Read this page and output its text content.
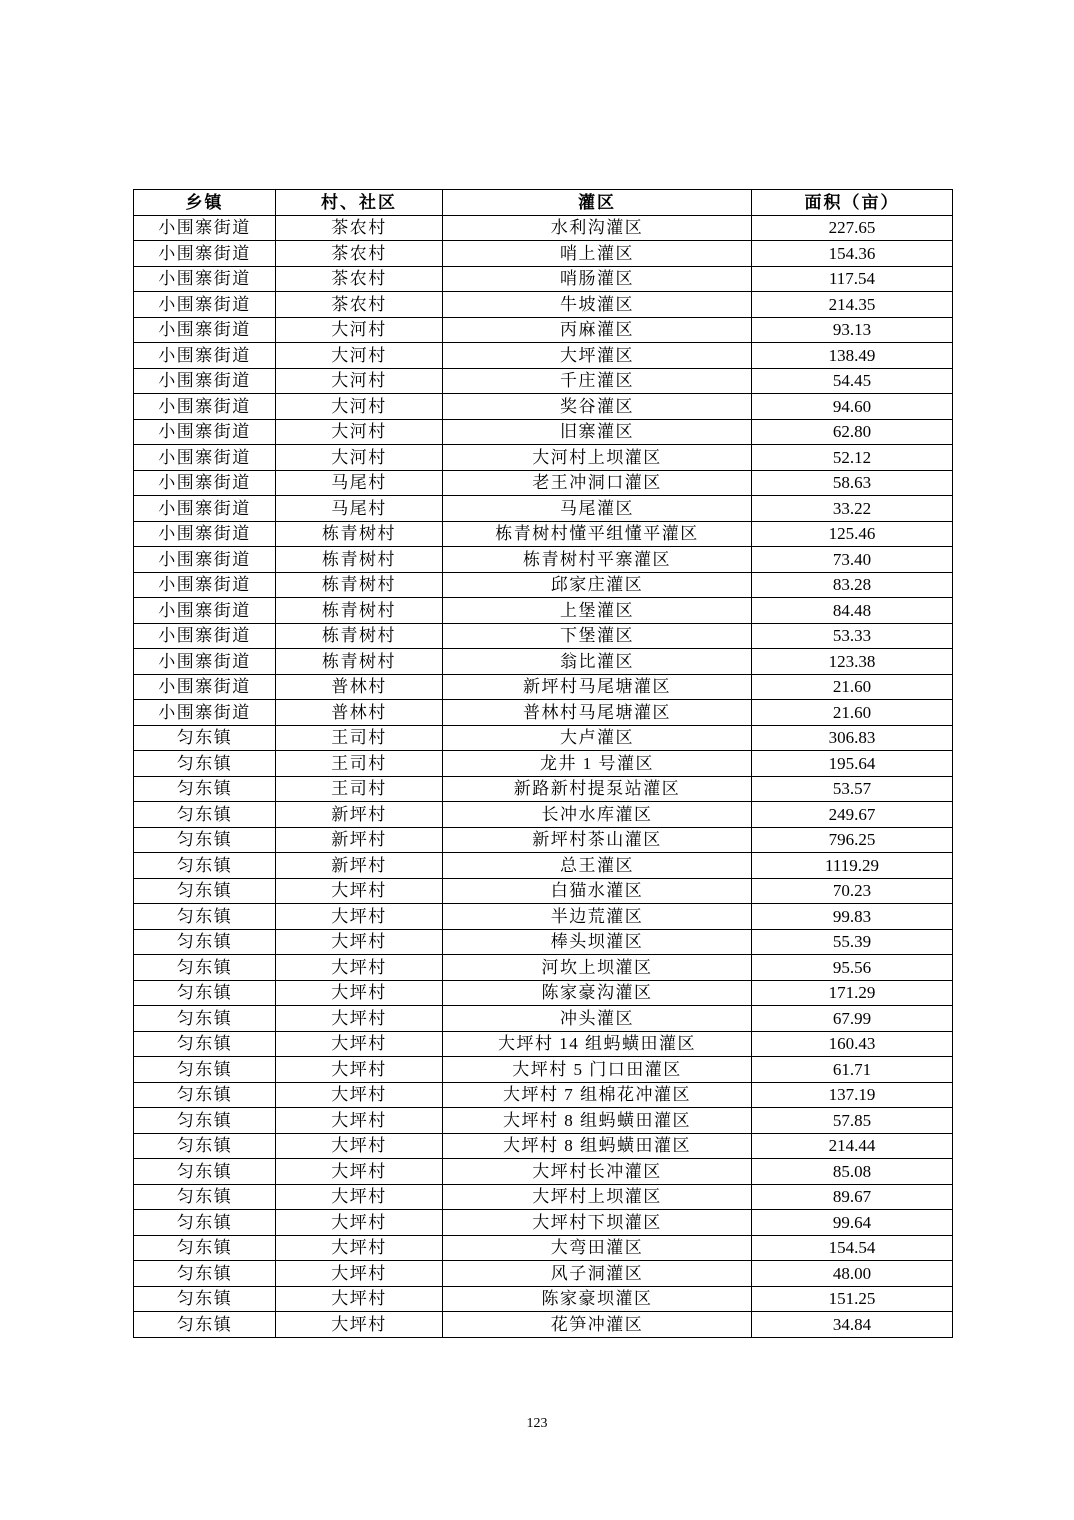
乡镇	村、社区	灌区	面积（亩）
小围寨街道	茶农村	水利沟灌区	227.65
小围寨街道	茶农村	哨上灌区	154.36
小围寨街道	茶农村	哨肠灌区	117.54
小围寨街道	茶农村	牛坡灌区	214.35
小围寨街道	大河村	丙麻灌区	93.13
小围寨街道	大河村	大坪灌区	138.49
小围寨街道	大河村	千庄灌区	54.45
小围寨街道	大河村	奖谷灌区	94.60
小围寨街道	大河村	旧寨灌区	62.80
小围寨街道	大河村	大河村上坝灌区	52.12
小围寨街道	马尾村	老王冲洞口灌区	58.63
小围寨街道	马尾村	马尾灌区	33.22
小围寨街道	栋青树村	栋青树村懂平组懂平灌区	125.46
小围寨街道	栋青树村	栋青树村平寨灌区	73.40
小围寨街道	栋青树村	邱家庄灌区	83.28
小围寨街道	栋青树村	上堡灌区	84.48
小围寨街道	栋青树村	下堡灌区	53.33
小围寨街道	栋青树村	翁比灌区	123.38
小围寨街道	普林村	新坪村马尾塘灌区	21.60
小围寨街道	普林村	普林村马尾塘灌区	21.60
匀东镇	王司村	大卢灌区	306.83
匀东镇	王司村	龙井 1 号灌区	195.64
匀东镇	王司村	新路新村提泵站灌区	53.57
匀东镇	新坪村	长冲水库灌区	249.67
匀东镇	新坪村	新坪村茶山灌区	796.25
匀东镇	新坪村	总王灌区	1119.29
匀东镇	大坪村	白猫水灌区	70.23
匀东镇	大坪村	半边荒灌区	99.83
匀东镇	大坪村	棒头坝灌区	55.39
匀东镇	大坪村	河坎上坝灌区	95.56
匀东镇	大坪村	陈家豪沟灌区	171.29
匀东镇	大坪村	冲头灌区	67.99
匀东镇	大坪村	大坪村 14 组蚂蟥田灌区	160.43
匀东镇	大坪村	大坪村 5 门口田灌区	61.71
匀东镇	大坪村	大坪村 7 组棉花冲灌区	137.19
匀东镇	大坪村	大坪村 8 组蚂蟥田灌区	57.85
匀东镇	大坪村	大坪村 8 组蚂蟥田灌区	214.44
匀东镇	大坪村	大坪村长冲灌区	85.08
匀东镇	大坪村	大坪村上坝灌区	89.67
匀东镇	大坪村	大坪村下坝灌区	99.64
匀东镇	大坪村	大弯田灌区	154.54
匀东镇	大坪村	风子洞灌区	48.00
匀东镇	大坪村	陈家豪坝灌区	151.25
匀东镇	大坪村	花笋冲灌区	34.84
123
